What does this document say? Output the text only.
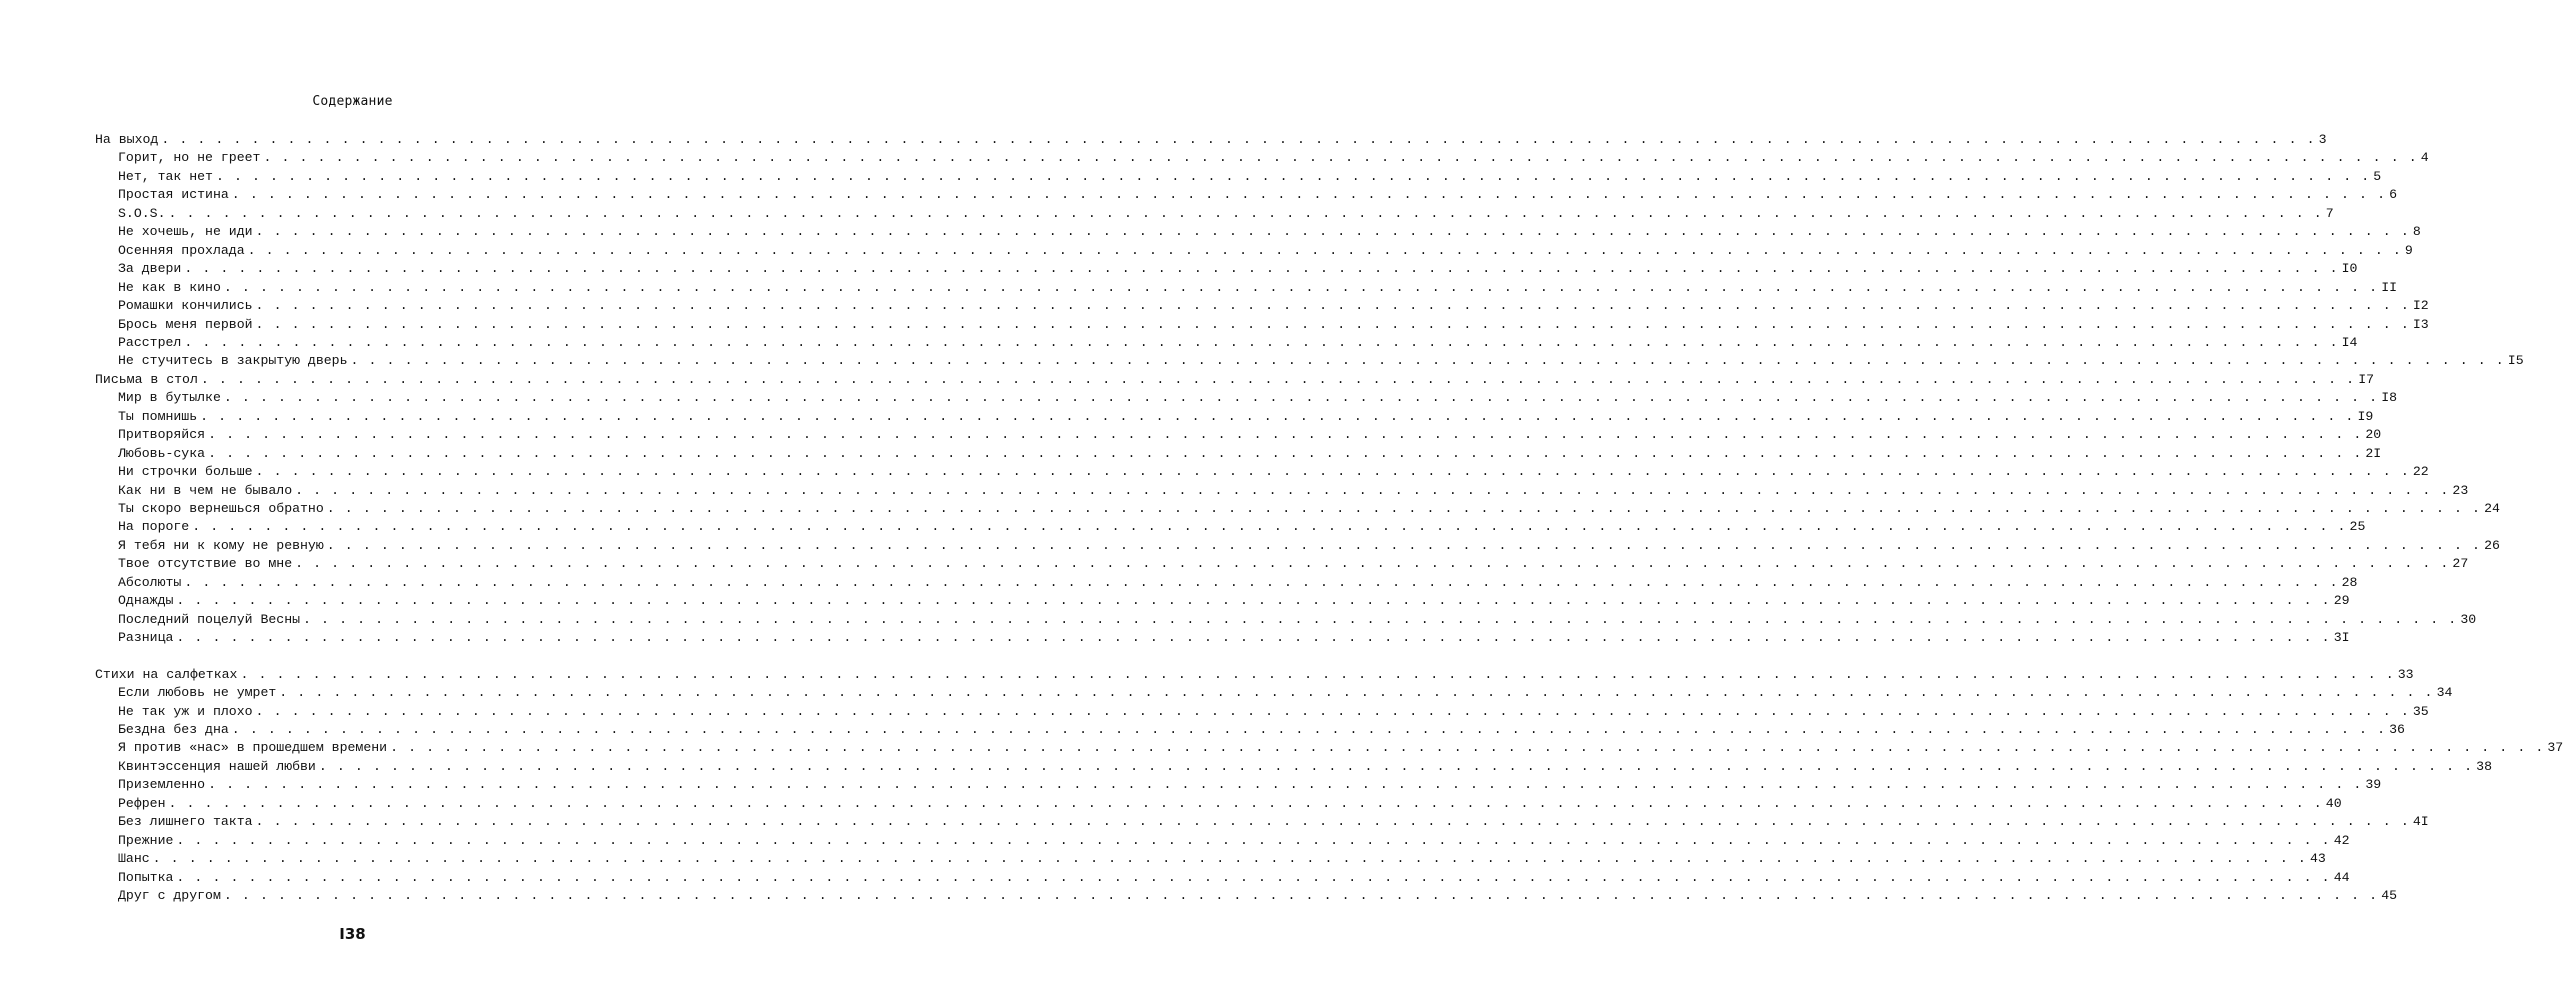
Содержание
На выход . . . . . . . . . . . . . . . . . . . . . . . . . . . . . . . . . . . . . . . . . . . . . . . . . . . . . . . . . . . . . . . . . . . . . . . . . . . . . . . . . . . . . . . . . . . . . . . . . . . . . . . . . . . . . . . . . . . . . . . . 3
Горит, но не греет . . . . . . . . . . . . . . . . . . . . . . . . . . . . . . . . . . . . . . . . . . . . . . . . . . . . . . . . . . . . . . . . . . . . . . . . . . . . . . . . . . . . . . . . . . . . . . . . . . . . . . . . . . . . . . . . . . . . . . . . 4
Нет, так нет . . . . . . . . . . . . . . . . . . . . . . . . . . . . . . . . . . . . . . . . . . . . . . . . . . . . . . . . . . . . . . . . . . . . . . . . . . . . . . . . . . . . . . . . . . . . . . . . . . . . . . . . . . . . . . . . . . . . . . . . 5
Простая истина . . . . . . . . . . . . . . . . . . . . . . . . . . . . . . . . . . . . . . . . . . . . . . . . . . . . . . . . . . . . . . . . . . . . . . . . . . . . . . . . . . . . . . . . . . . . . . . . . . . . . . . . . . . . . . . . . . . . . . . . 6
S.O.S. . . . . . . . . . . . . . . . . . . . . . . . . . . . . . . . . . . . . . . . . . . . . . . . . . . . . . . . . . . . . . . . . . . . . . . . . . . . . . . . . . . . . . . . . . . . . . . . . . . . . . . . . . . . . . . . . . . . . . . . . 7
Не хочешь, не иди . . . . . . . . . . . . . . . . . . . . . . . . . . . . . . . . . . . . . . . . . . . . . . . . . . . . . . . . . . . . . . . . . . . . . . . . . . . . . . . . . . . . . . . . . . . . . . . . . . . . . . . . . . . . . . . . . . . . . . . . 8
Осенняя прохлада . . . . . . . . . . . . . . . . . . . . . . . . . . . . . . . . . . . . . . . . . . . . . . . . . . . . . . . . . . . . . . . . . . . . . . . . . . . . . . . . . . . . . . . . . . . . . . . . . . . . . . . . . . . . . . . . . . . . . . . . 9
За двери . . . . . . . . . . . . . . . . . . . . . . . . . . . . . . . . . . . . . . . . . . . . . . . . . . . . . . . . . . . . . . . . . . . . . . . . . . . . . . . . . . . . . . . . . . . . . . . . . . . . . . . . . . . . . . . . . . . . . . . . I0
Не как в кино . . . . . . . . . . . . . . . . . . . . . . . . . . . . . . . . . . . . . . . . . . . . . . . . . . . . . . . . . . . . . . . . . . . . . . . . . . . . . . . . . . . . . . . . . . . . . . . . . . . . . . . . . . . . . . . . . . . . . . . . II
Ромашки кончились . . . . . . . . . . . . . . . . . . . . . . . . . . . . . . . . . . . . . . . . . . . . . . . . . . . . . . . . . . . . . . . . . . . . . . . . . . . . . . . . . . . . . . . . . . . . . . . . . . . . . . . . . . . . . . . . . . . . . . . . I2
Брось меня первой . . . . . . . . . . . . . . . . . . . . . . . . . . . . . . . . . . . . . . . . . . . . . . . . . . . . . . . . . . . . . . . . . . . . . . . . . . . . . . . . . . . . . . . . . . . . . . . . . . . . . . . . . . . . . . . . . . . . . . . . I3
Расстрел . . . . . . . . . . . . . . . . . . . . . . . . . . . . . . . . . . . . . . . . . . . . . . . . . . . . . . . . . . . . . . . . . . . . . . . . . . . . . . . . . . . . . . . . . . . . . . . . . . . . . . . . . . . . . . . . . . . . . . . . I4
Не стучитесь в закрытую дверь . . . . . . . . . . . . . . . . . . . . . . . . . . . . . . . . . . . . . . . . . . . . . . . . . . . . . . . . . . . . . . . . . . . . . . . . . . . . . . . . . . . . . . . . . . . . . . . . . . . . . . . . . . . . . . . . . . . . . . . . I5
Письма в стол . . . . . . . . . . . . . . . . . . . . . . . . . . . . . . . . . . . . . . . . . . . . . . . . . . . . . . . . . . . . . . . . . . . . . . . . . . . . . . . . . . . . . . . . . . . . . . . . . . . . . . . . . . . . . . . . . . . . . . . . I7
Мир в бутылке . . . . . . . . . . . . . . . . . . . . . . . . . . . . . . . . . . . . . . . . . . . . . . . . . . . . . . . . . . . . . . . . . . . . . . . . . . . . . . . . . . . . . . . . . . . . . . . . . . . . . . . . . . . . . . . . . . . . . . . . I8
Ты помнишь . . . . . . . . . . . . . . . . . . . . . . . . . . . . . . . . . . . . . . . . . . . . . . . . . . . . . . . . . . . . . . . . . . . . . . . . . . . . . . . . . . . . . . . . . . . . . . . . . . . . . . . . . . . . . . . . . . . . . . . . I9
Притворяйся . . . . . . . . . . . . . . . . . . . . . . . . . . . . . . . . . . . . . . . . . . . . . . . . . . . . . . . . . . . . . . . . . . . . . . . . . . . . . . . . . . . . . . . . . . . . . . . . . . . . . . . . . . . . . . . . . . . . . . . . 20
Любовь-сука . . . . . . . . . . . . . . . . . . . . . . . . . . . . . . . . . . . . . . . . . . . . . . . . . . . . . . . . . . . . . . . . . . . . . . . . . . . . . . . . . . . . . . . . . . . . . . . . . . . . . . . . . . . . . . . . . . . . . . . . 2I
Ни строчки больше . . . . . . . . . . . . . . . . . . . . . . . . . . . . . . . . . . . . . . . . . . . . . . . . . . . . . . . . . . . . . . . . . . . . . . . . . . . . . . . . . . . . . . . . . . . . . . . . . . . . . . . . . . . . . . . . . . . . . . . . 22
Как ни в чем не бывало . . . . . . . . . . . . . . . . . . . . . . . . . . . . . . . . . . . . . . . . . . . . . . . . . . . . . . . . . . . . . . . . . . . . . . . . . . . . . . . . . . . . . . . . . . . . . . . . . . . . . . . . . . . . . . . . . . . . . . . . 23
Ты скоро вернешься обратно . . . . . . . . . . . . . . . . . . . . . . . . . . . . . . . . . . . . . . . . . . . . . . . . . . . . . . . . . . . . . . . . . . . . . . . . . . . . . . . . . . . . . . . . . . . . . . . . . . . . . . . . . . . . . . . . . . . . . . . . 24
На пороге . . . . . . . . . . . . . . . . . . . . . . . . . . . . . . . . . . . . . . . . . . . . . . . . . . . . . . . . . . . . . . . . . . . . . . . . . . . . . . . . . . . . . . . . . . . . . . . . . . . . . . . . . . . . . . . . . . . . . . . . 25
Я тебя ни к кому не ревную . . . . . . . . . . . . . . . . . . . . . . . . . . . . . . . . . . . . . . . . . . . . . . . . . . . . . . . . . . . . . . . . . . . . . . . . . . . . . . . . . . . . . . . . . . . . . . . . . . . . . . . . . . . . . . . . . . . . . . . . 26
Твое отсутствие во мне . . . . . . . . . . . . . . . . . . . . . . . . . . . . . . . . . . . . . . . . . . . . . . . . . . . . . . . . . . . . . . . . . . . . . . . . . . . . . . . . . . . . . . . . . . . . . . . . . . . . . . . . . . . . . . . . . . . . . . . . 27
Абсолюты . . . . . . . . . . . . . . . . . . . . . . . . . . . . . . . . . . . . . . . . . . . . . . . . . . . . . . . . . . . . . . . . . . . . . . . . . . . . . . . . . . . . . . . . . . . . . . . . . . . . . . . . . . . . . . . . . . . . . . . . 28
Однажды . . . . . . . . . . . . . . . . . . . . . . . . . . . . . . . . . . . . . . . . . . . . . . . . . . . . . . . . . . . . . . . . . . . . . . . . . . . . . . . . . . . . . . . . . . . . . . . . . . . . . . . . . . . . . . . . . . . . . . . . 29
Последний поцелуй Весны . . . . . . . . . . . . . . . . . . . . . . . . . . . . . . . . . . . . . . . . . . . . . . . . . . . . . . . . . . . . . . . . . . . . . . . . . . . . . . . . . . . . . . . . . . . . . . . . . . . . . . . . . . . . . . . . . . . . . . . . 30
Разница . . . . . . . . . . . . . . . . . . . . . . . . . . . . . . . . . . . . . . . . . . . . . . . . . . . . . . . . . . . . . . . . . . . . . . . . . . . . . . . . . . . . . . . . . . . . . . . . . . . . . . . . . . . . . . . . . . . . . . . . 3I
Стихи на салфетках . . . . . . . . . . . . . . . . . . . . . . . . . . . . . . . . . . . . . . . . . . . . . . . . . . . . . . . . . . . . . . . . . . . . . . . . . . . . . . . . . . . . . . . . . . . . . . . . . . . . . . . . . . . . . . . . . . . . . . . . 33
Если любовь не умрет . . . . . . . . . . . . . . . . . . . . . . . . . . . . . . . . . . . . . . . . . . . . . . . . . . . . . . . . . . . . . . . . . . . . . . . . . . . . . . . . . . . . . . . . . . . . . . . . . . . . . . . . . . . . . . . . . . . . . . . . 34
Не так уж и плохо . . . . . . . . . . . . . . . . . . . . . . . . . . . . . . . . . . . . . . . . . . . . . . . . . . . . . . . . . . . . . . . . . . . . . . . . . . . . . . . . . . . . . . . . . . . . . . . . . . . . . . . . . . . . . . . . . . . . . . . . 35
Бездна без дна . . . . . . . . . . . . . . . . . . . . . . . . . . . . . . . . . . . . . . . . . . . . . . . . . . . . . . . . . . . . . . . . . . . . . . . . . . . . . . . . . . . . . . . . . . . . . . . . . . . . . . . . . . . . . . . . . . . . . . . . 36
Я против «нас» в прошедшем времени . . . . . . . . . . . . . . . . . . . . . . . . . . . . . . . . . . . . . . . . . . . . . . . . . . . . . . . . . . . . . . . . . . . . . . . . . . . . . . . . . . . . . . . . . . . . . . . . . . . . . . . . . . . . . . . . . . . . . . . . 37
Квинтэссенция нашей любви . . . . . . . . . . . . . . . . . . . . . . . . . . . . . . . . . . . . . . . . . . . . . . . . . . . . . . . . . . . . . . . . . . . . . . . . . . . . . . . . . . . . . . . . . . . . . . . . . . . . . . . . . . . . . . . . . . . . . . . . 38
Приземленно . . . . . . . . . . . . . . . . . . . . . . . . . . . . . . . . . . . . . . . . . . . . . . . . . . . . . . . . . . . . . . . . . . . . . . . . . . . . . . . . . . . . . . . . . . . . . . . . . . . . . . . . . . . . . . . . . . . . . . . . 39
Рефрен . . . . . . . . . . . . . . . . . . . . . . . . . . . . . . . . . . . . . . . . . . . . . . . . . . . . . . . . . . . . . . . . . . . . . . . . . . . . . . . . . . . . . . . . . . . . . . . . . . . . . . . . . . . . . . . . . . . . . . . . 40
Без лишнего такта . . . . . . . . . . . . . . . . . . . . . . . . . . . . . . . . . . . . . . . . . . . . . . . . . . . . . . . . . . . . . . . . . . . . . . . . . . . . . . . . . . . . . . . . . . . . . . . . . . . . . . . . . . . . . . . . . . . . . . . . 4I
Прежние . . . . . . . . . . . . . . . . . . . . . . . . . . . . . . . . . . . . . . . . . . . . . . . . . . . . . . . . . . . . . . . . . . . . . . . . . . . . . . . . . . . . . . . . . . . . . . . . . . . . . . . . . . . . . . . . . . . . . . . . 42
Шанс . . . . . . . . . . . . . . . . . . . . . . . . . . . . . . . . . . . . . . . . . . . . . . . . . . . . . . . . . . . . . . . . . . . . . . . . . . . . . . . . . . . . . . . . . . . . . . . . . . . . . . . . . . . . . . . . . . . . . . . . 43
Попытка . . . . . . . . . . . . . . . . . . . . . . . . . . . . . . . . . . . . . . . . . . . . . . . . . . . . . . . . . . . . . . . . . . . . . . . . . . . . . . . . . . . . . . . . . . . . . . . . . . . . . . . . . . . . . . . . . . . . . . . . 44
Друг с другом . . . . . . . . . . . . . . . . . . . . . . . . . . . . . . . . . . . . . . . . . . . . . . . . . . . . . . . . . . . . . . . . . . . . . . . . . . . . . . . . . . . . . . . . . . . . . . . . . . . . . . . . . . . . . . . . . . . . . . . . 45
I38
